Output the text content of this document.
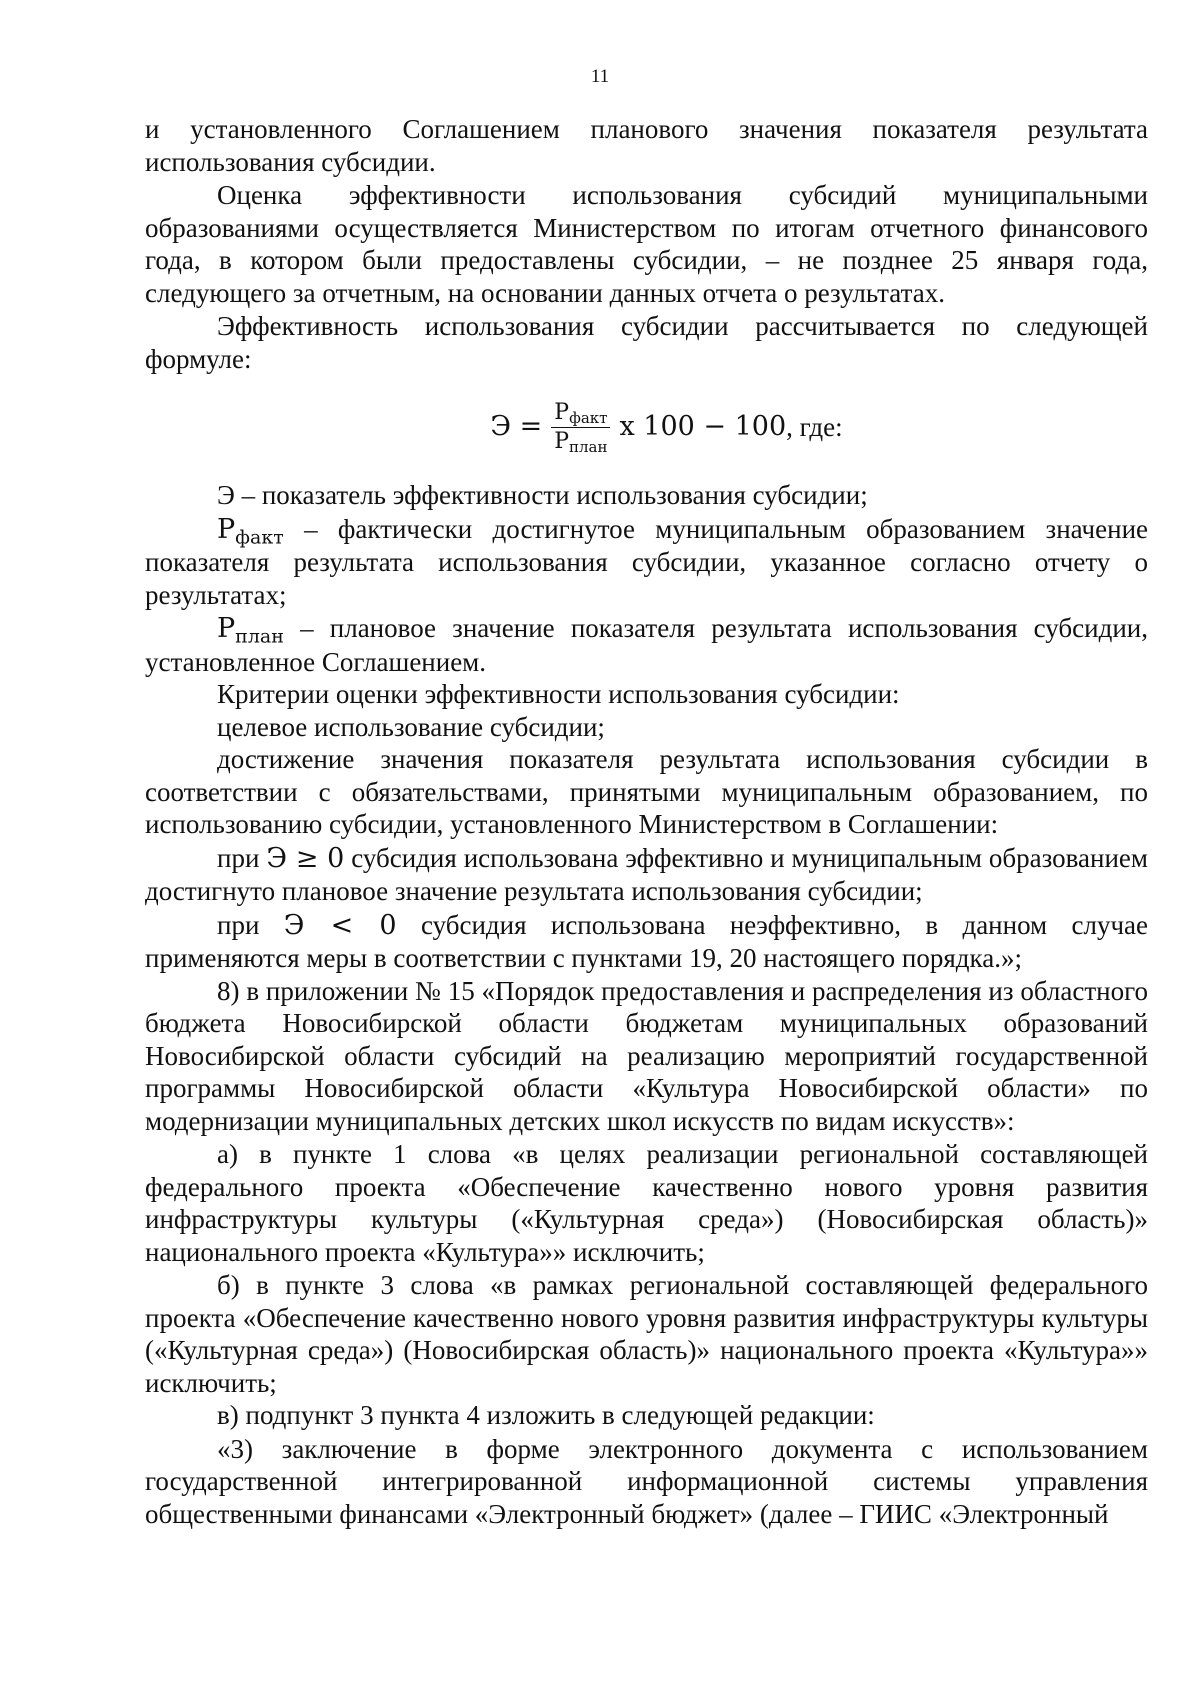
11

и установленного Соглашением планового значения показателя результата использования субсидии.

Оценка эффективности использования субсидий муниципальными образованиями осуществляется Министерством по итогам отчетного финансового года, в котором были предоставлены субсидии, – не позднее 25 января года, следующего за отчетным, на основании данных отчета о результатах.

Эффективность использования субсидии рассчитывается по следующей формуле:

$Э = \frac{Р_{факт}}{Р_{план}}$ х 100 − 100 , где:

Э – показатель эффективности использования субсидии;

$Р_{факт}$ – фактически достигнутое муниципальным образованием значение показателя результата использования субсидии, указанное согласно отчету о результатах;

$Р_{план}$ – плановое значение показателя результата использования субсидии, установленное Соглашением.

Критерии оценки эффективности использования субсидии:

целевое использование субсидии;

достижение значения показателя результата использования субсидии в соответствии с обязательствами, принятыми муниципальным образованием, по использованию субсидии, установленного Министерством в Соглашении:

при Э ≥ 0 субсидия использована эффективно и муниципальным образованием достигнуто плановое значение результата использования субсидии;

при Э < 0 субсидия использована неэффективно, в данном случае применяются меры в соответствии с пунктами 19, 20 настоящего порядка.»;

8) в приложении № 15 «Порядок предоставления и распределения из областного бюджета Новосибирской области бюджетам муниципальных образований Новосибирской области субсидий на реализацию мероприятий государственной программы Новосибирской области «Культура Новосибирской области» по модернизации муниципальных детских школ искусств по видам искусств»:

а) в пункте 1 слова «в целях реализации региональной составляющей федерального проекта «Обеспечение качественно нового уровня развития инфраструктуры культуры («Культурная среда») (Новосибирская область)» национального проекта «Культура»» исключить;

б) в пункте 3 слова «в рамках региональной составляющей федерального проекта «Обеспечение качественно нового уровня развития инфраструктуры культуры («Культурная среда») (Новосибирская область)» национального проекта «Культура»» исключить;

в) подпункт 3 пункта 4 изложить в следующей редакции:

«3) заключение в форме электронного документа с использованием государственной интегрированной информационной системы управления общественными финансами «Электронный бюджет» (далее – ГИИС «Электронный
